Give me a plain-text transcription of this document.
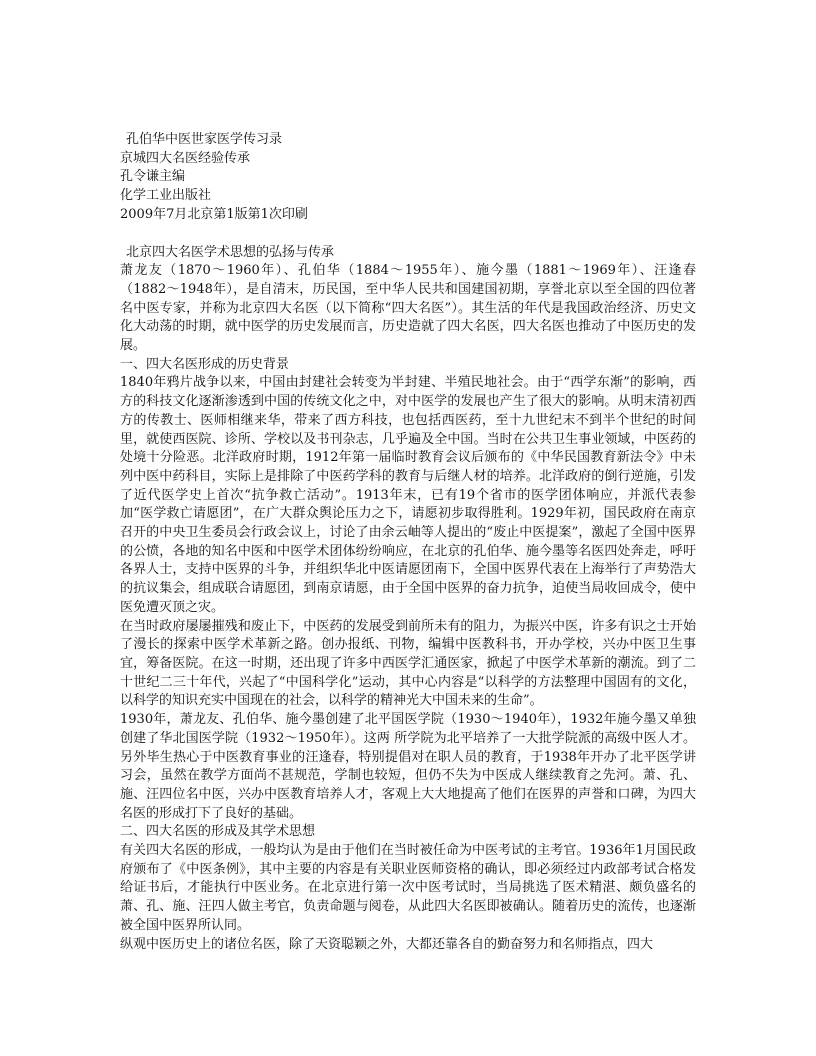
孔伯华中医世家医学传习录

京城四大名医经验传承

孔令谦主编

化学工业出版社

2009年7月北京第1版第1次印刷

北京四大名医学术思想的弘扬与传承

萧龙友（1870～1960年）、孔伯华（1884～1955年）、施今墨（1881～1969年）、汪逢春（1882～1948年），是自清末，历民国，至中华人民共和国建国初期，享誉北京以至全国的四位著名中医专家，并称为北京四大名医（以下简称“四大名医”）。其生活的年代是我国政治经济、历史文化大动荡的时期，就中医学的历史发展而言，历史造就了四大名医，四大名医也推动了中医历史的发展。

一、四大名医形成的历史背景

1840年鸦片战争以来，中国由封建社会转变为半封建、半殖民地社会。由于“西学东渐”的影响，西方的科技文化逐渐渗透到中国的传统文化之中，对中医学的发展也产生了很大的影响。从明末清初西方的传教士、医师相继来华，带来了西方科技，也包括西医药，至十九世纪末不到半个世纪的时间里，就使西医院、诊所、学校以及书刊杂志，几乎遍及全中国。当时在公共卫生事业领域，中医药的处境十分险恶。北洋政府时期，1912年第一届临时教育会议后颁布的《中华民国教育新法令》中未列中医中药科目，实际上是排除了中医药学科的教育与后继人材的培养。北洋政府的倒行逆施，引发了近代医学史上首次“抗争救亡活动”。1913年末，已有19个省市的医学团体响应，并派代表参加“医学救亡请愿团”，在广大群众舆论压力之下，请愿初步取得胜利。1929年初，国民政府在南京召开的中央卫生委员会行政会议上，讨论了由余云岫等人提出的“废止中医提案”，激起了全国中医界的公愤，各地的知名中医和中医学术团体纷纷响应，在北京的孔伯华、施今墨等名医四处奔走，呼吁各界人士，支持中医界的斗争，并组织华北中医请愿团南下，全国中医界代表在上海举行了声势浩大的抗议集会，组成联合请愿团，到南京请愿，由于全国中医界的奋力抗争，迫使当局收回成令，使中医免遭灭顶之灾。

在当时政府屡屡摧残和废止下，中医药的发展受到前所未有的阻力，为振兴中医，许多有识之士开始了漫长的探索中医学术革新之路。创办报纸、刊物，编辑中医教科书，开办学校，兴办中医卫生事宜，筹备医院。在这一时期，还出现了许多中西医学汇通医家，掀起了中医学术革新的潮流。到了二十世纪二三十年代，兴起了“中国科学化”运动，其中心内容是“以科学的方法整理中国固有的文化，以科学的知识充实中国现在的社会，以科学的精神光大中国未来的生命”。

1930年，萧龙友、孔伯华、施今墨创建了北平国医学院（1930～1940年），1932年施今墨又单独创建了华北国医学院（1932～1950年）。这两 所学院为北平培养了一大批学院派的高级中医人才。另外毕生热心于中医教育事业的汪逢春，特别提倡对在职人员的教育，于1938年开办了北平医学讲习会，虽然在教学方面尚不甚规范，学制也较短，但仍不失为中医成人继续教育之先河。萧、孔、施、汪四位名中医，兴办中医教育培养人才，客观上大大地提高了他们在医界的声誉和口碑，为四大名医的形成打下了良好的基础。

二、四大名医的形成及其学术思想

有关四大名医的形成，一般均认为是由于他们在当时被任命为中医考试的主考官。1936年1月国民政府颁布了《中医条例》，其中主要的内容是有关职业医师资格的确认，即必须经过内政部考试合格发给证书后，才能执行中医业务。在北京进行第一次中医考试时，当局挑选了医术精湛、颇负盛名的萧、孔、施、汪四人做主考官，负责命题与阅卷，从此四大名医即被确认。随着历史的流传，也逐渐被全国中医界所认同。

纵观中医历史上的诸位名医，除了天资聪颖之外，大都还靠各自的勤奋努力和名师指点，四大
